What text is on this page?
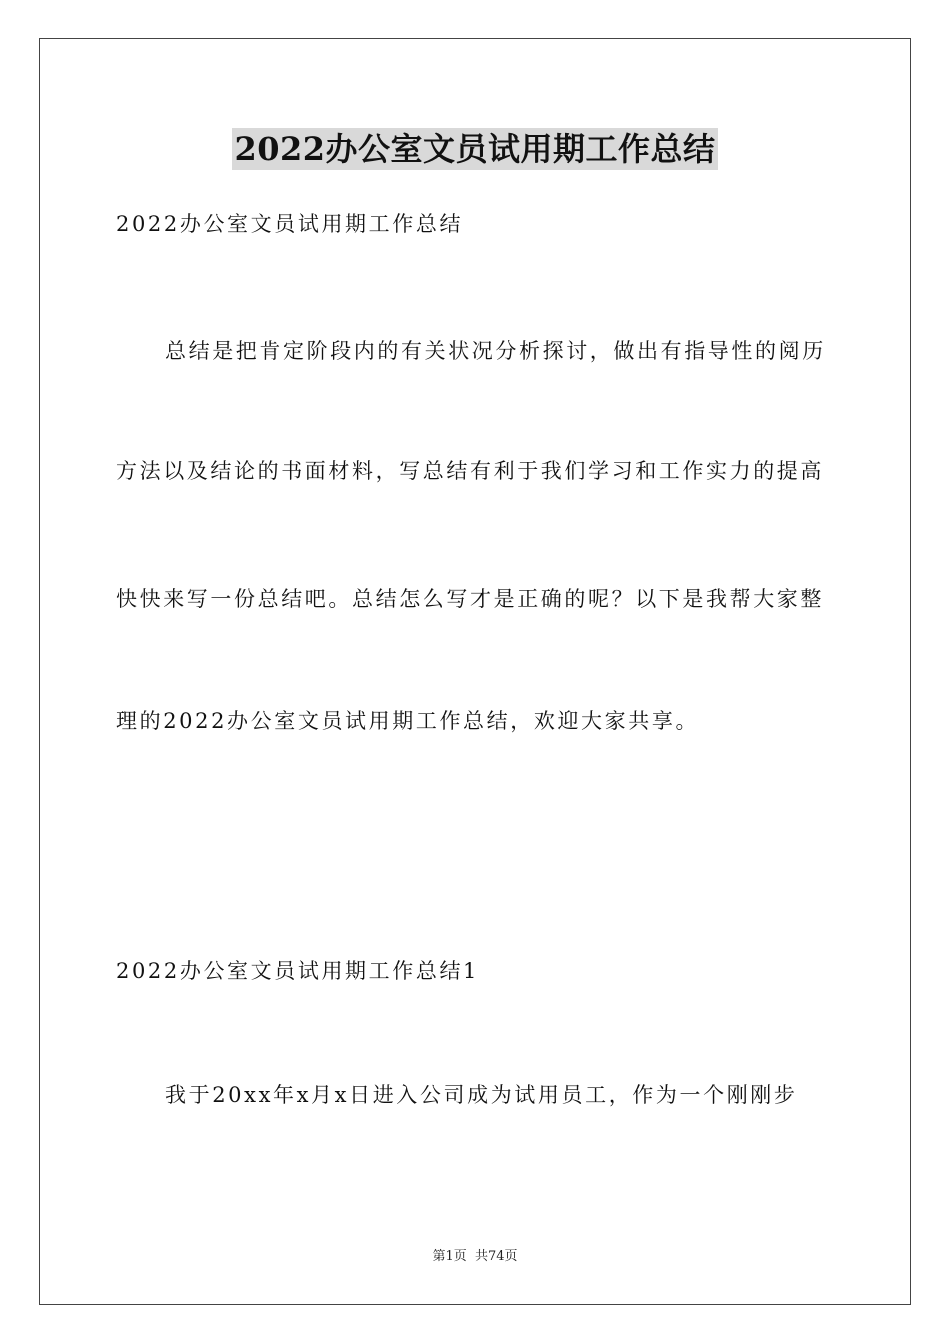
2022办公室文员试用期工作总结
2022办公室文员试用期工作总结
总结是把肯定阶段内的有关状况分析探讨，做出有指导性的阅历
方法以及结论的书面材料，写总结有利于我们学习和工作实力的提高
快快来写一份总结吧。总结怎么写才是正确的呢？以下是我帮大家整
理的2022办公室文员试用期工作总结，欢迎大家共享。
2022办公室文员试用期工作总结1
我于20xx年x月x日进入公司成为试用员工，作为一个刚刚步
第1页 共74页
